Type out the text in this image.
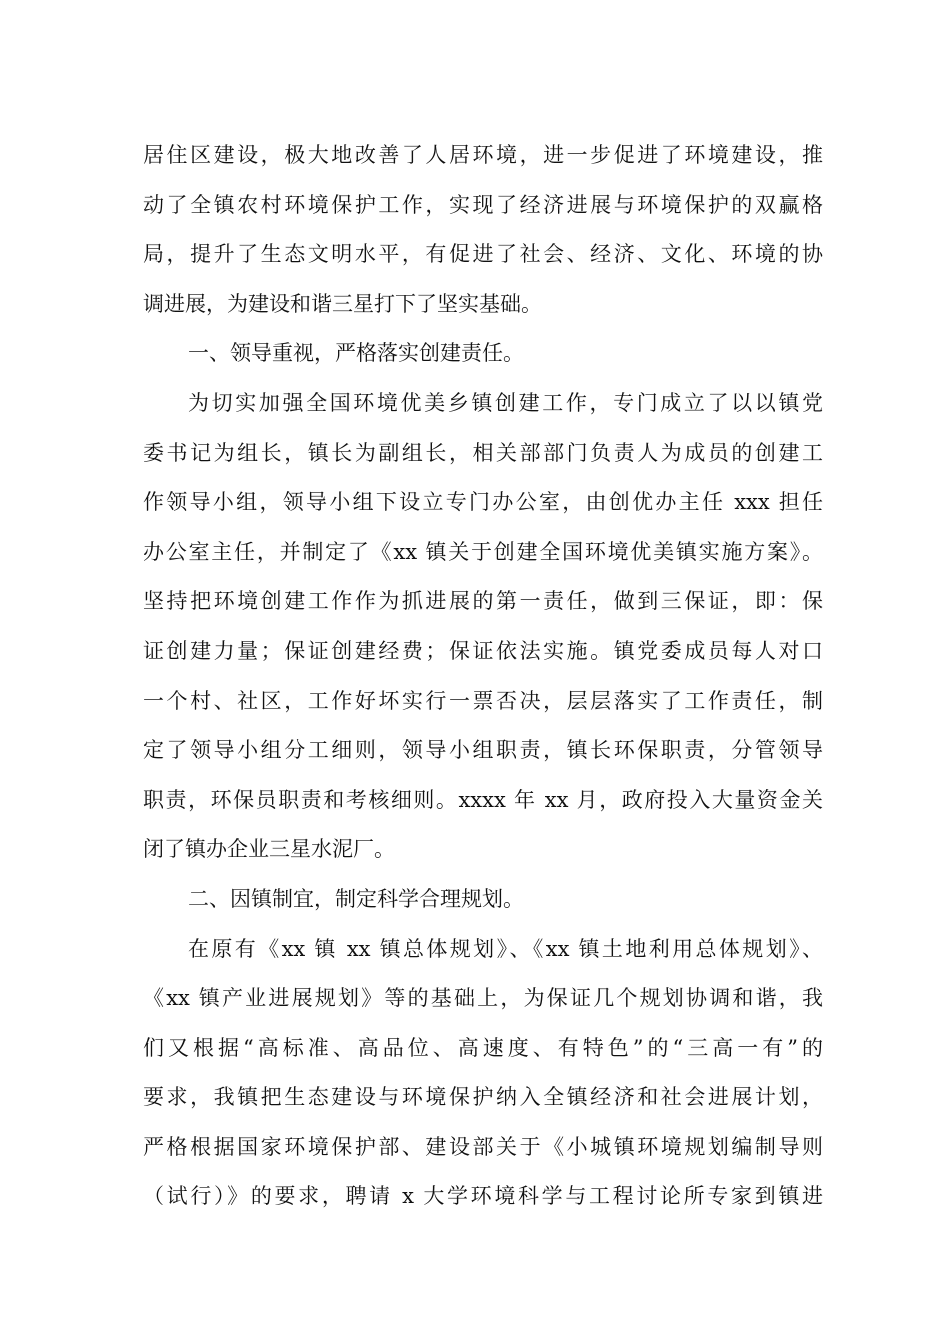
居住区建设，极大地改善了人居环境，进一步促进了环境建设，推
动了全镇农村环境保护工作，实现了经济进展与环境保护的双赢格
局，提升了生态文明水平，有促进了社会、经济、文化、环境的协
调进展，为建设和谐三星打下了坚实基础。
一、领导重视，严格落实创建责任。
为切实加强全国环境优美乡镇创建工作，专门成立了以以镇党
委书记为组长，镇长为副组长，相关部部门负责人为成员的创建工
作领导小组，领导小组下设立专门办公室，由创优办主任 xxx 担任
办公室主任，并制定了《xx 镇关于创建全国环境优美镇实施方案》。
坚持把环境创建工作作为抓进展的第一责任，做到三保证，即：保
证创建力量；保证创建经费；保证依法实施。镇党委成员每人对口
一个村、社区，工作好坏实行一票否决，层层落实了工作责任，制
定了领导小组分工细则，领导小组职责，镇长环保职责，分管领导
职责，环保员职责和考核细则。xxxx 年 xx 月，政府投入大量资金关
闭了镇办企业三星水泥厂。
二、因镇制宜，制定科学合理规划。
在原有《xx 镇 xx 镇总体规划》、《xx 镇土地利用总体规划》、
《xx 镇产业进展规划》等的基础上，为保证几个规划协调和谐，我
们又根据“高标准、高品位、高速度、有特色”的“三高一有”的
要求，我镇把生态建设与环境保护纳入全镇经济和社会进展计划，
严格根据国家环境保护部、建设部关于《小城镇环境规划编制导则
（试行）》的要求，聘请 x 大学环境科学与工程讨论所专家到镇进
